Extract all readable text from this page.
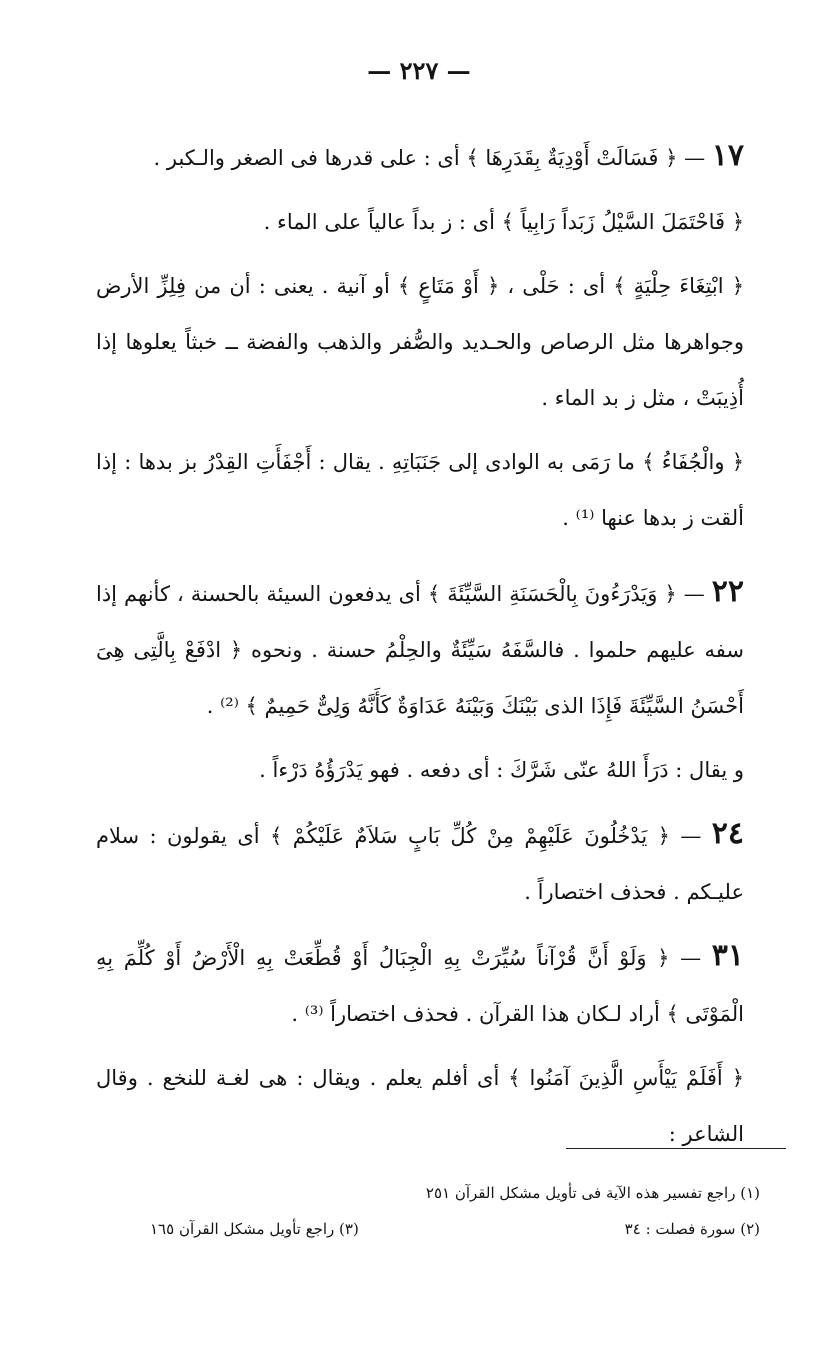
— ٢٢٧ —

١٧ — ﴿ فَسَالَتْ أَوْدِيَةٌ بِقَدَرِهَا ﴾ أى : على قدرها فى الصغر والـكبر .

﴿ فَاحْتَمَلَ السَّيْلُ زَبَداً رَابِياً ﴾ أى : ز بداً عالياً على الماء .

﴿ ابْتِغَاءَ حِلْيَةٍ ﴾ أى : حَلْى ، ﴿ أَوْ مَتَاعٍ ﴾ أو آنية . يعنى : أن من فِلِزِّ الأرض وجواهرها مثل الرصاص والحـديد والصُّفر والذهب والفضة ــ خبثاً يعلوها إذا أُذِيبَتْ ، مثل ز بد الماء .

﴿ والْجُفَاءُ ﴾ ما رَمَى به الوادى إلى جَنَبَاتِهِ . يقال : أَجْفَأَتِ القِدْرُ بز بدها : إذا ألقت ز بدها عنها ⁽¹⁾ .

٢٢ — ﴿ وَيَدْرَءُونَ بِالْحَسَنَةِ السَّيِّئَةَ ﴾ أى يدفعون السيئة بالحسنة ، كأنهم إذا سفه عليهم حلموا . فالسَّفَهُ سَيِّئَةٌ والحِلْمُ حسنة . ونحوه ﴿ ادْفَعْ بِالَّتِى هِىَ أَحْسَنُ السَّيِّئَةَ فَإِذَا الذى بَيْنَكَ وَبَيْنَهُ عَدَاوَةٌ كَأَنَّهُ وَلِىٌّ حَمِيمٌ ﴾ ⁽²⁾ .

و يقال : دَرَأَ اللهُ عنّى شَرَّكَ : أى دفعه . فهو يَدْرَؤُهُ دَرْءاً .

٢٤ — ﴿ يَدْخُلُونَ عَلَيْهِمْ مِنْ كُلِّ بَابٍ سَلاَمٌ عَلَيْكُمْ ﴾ أى يقولون : سلام عليـكم . فحذف اختصاراً .

٣١ — ﴿ وَلَوْ أَنَّ قُرْآناً سُيِّرَتْ بِهِ الْجِبَالُ أَوْ قُطِّعَتْ بِهِ الْأَرْضُ أَوْ كُلِّمَ بِهِ الْمَوْتَى ﴾ أراد لـكان هذا القرآن . فحذف اختصاراً ⁽³⁾ .

﴿ أَفَلَمْ يَيْأَسِ الَّذِينَ آمَنُوا ﴾ أى أفلم يعلم . ويقال : هى لغـة للنخع . وقال الشاعر :

(١) راجع تفسير هذه الآية فى تأويل مشكل القرآن ٢٥١
(٢) سورة فصلت : ٣٤
(٣) راجع تأويل مشكل القرآن ١٦٥
